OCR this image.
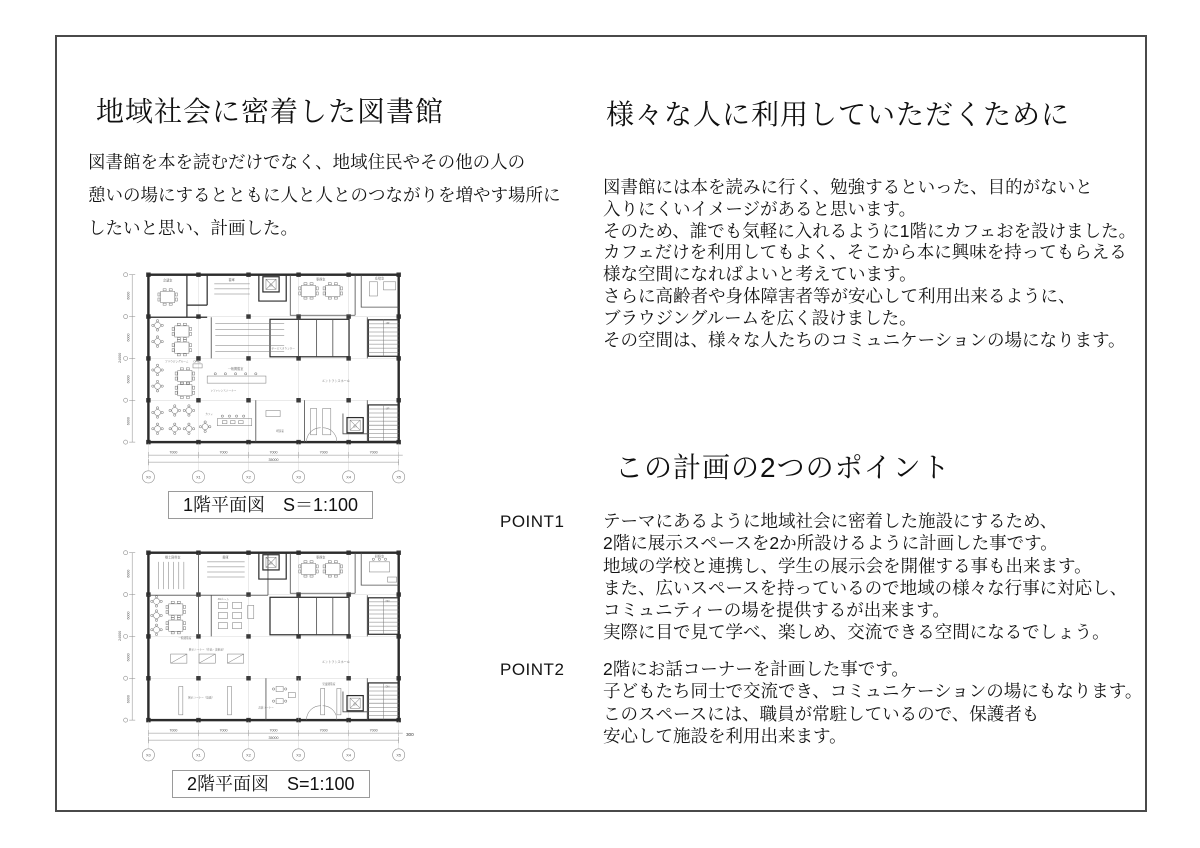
地域社会に密着した図書館
図書館を本を読むだけでなく、地域住民やその他の人の
憩いの場にするとともに人と人とのつながりを増やす場所に
したいと思い、計画した。
様々な人に利用していただくために
図書館には本を読みに行く、勉強するといった、目的がないと
入りにくいイメージがあると思います。
そのため、誰でも気軽に入れるように1階にカフェおを設けました。
カフェだけを利用してもよく、そこから本に興味を持ってもらえる
様な空間になればよいと考えています。
さらに高齢者や身体障害者等が安心して利用出来るように、
ブラウジングルームを広く設けました。
その空間は、様々な人たちのコミュニケーションの場になります。
この計画の2つのポイント
POINT1 テーマにあるように地域社会に密着した施設にするため、
2階に展示スペースを2か所設けるように計画した事です。
地域の学校と連携し、学生の展示会を開催する事も出来ます。
また、広いスペースを持っているので地域の様々な行事に対応し、
コミュニティーの場を提供するが出来ます。
実際に目で見て学べ、楽しめ、交流できる空間になるでしょう。
POINT2 2階にお話コーナーを計画した事です。
子どもたち同士で交流でき、コミュニケーションの場にもなります。
このスペースには、職員が常駐しているので、保護者も
安心して施設を利用出来ます。
7000	7000	7000	7000	7000
35000
X0	X1	X2	X3	X4	X5
6000
6000
6000
6000
24000
会議室	書庫	事務室	応接室
EV
サービスカウンター
UP
ブラウジングルーム
一般閲覧室
OPAC
レファレンスコーナー
カフェ
喫茶室
エントランスホール
EV
UP
1階平面図　S＝1:100
7000	7000	7000	7000	7000
35000
X0	X1	X2	X3	X4	X5
300
6000
6000
6000
6000
24000
郷土資料室	書庫	事務室	研修室
EV
DN
一般閲覧室
AVルーム
展示コーナー（作品・美術品）
展示コーナー（絵画）
お話コーナー
児童閲覧室
エントランスホール
EV
DN
2階平面図　S=1:100
